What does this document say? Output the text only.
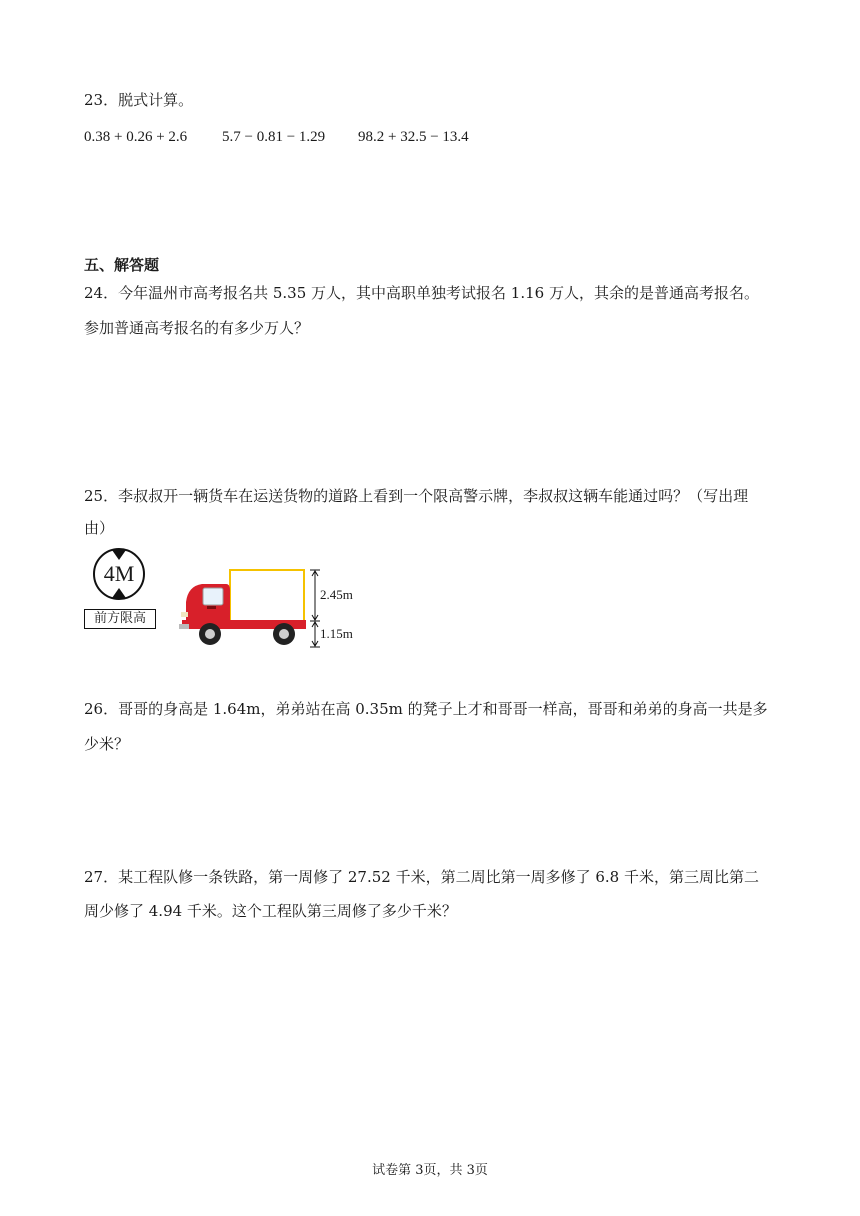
23．脱式计算。
0.38 + 0.26 + 2.6 5.7 − 0.81 − 1.29 98.2 + 32.5 − 13.4
五、解答题
24．今年温州市高考报名共 5.35 万人，其中高职单独考试报名 1.16 万人，其余的是普通高考报名。
参加普通高考报名的有多少万人？
25．李叔叔开一辆货车在运送货物的道路上看到一个限高警示牌，李叔叔这辆车能通过吗？（写出理
由）
4M
前方限高
2.45m
1.15m
26．哥哥的身高是 1.64m，弟弟站在高 0.35m 的凳子上才和哥哥一样高，哥哥和弟弟的身高一共是多
少米？
27．某工程队修一条铁路，第一周修了 27.52 千米，第二周比第一周多修了 6.8 千米，第三周比第二
周少修了 4.94 千米。这个工程队第三周修了多少千米？
试卷第 3页，共 3页
